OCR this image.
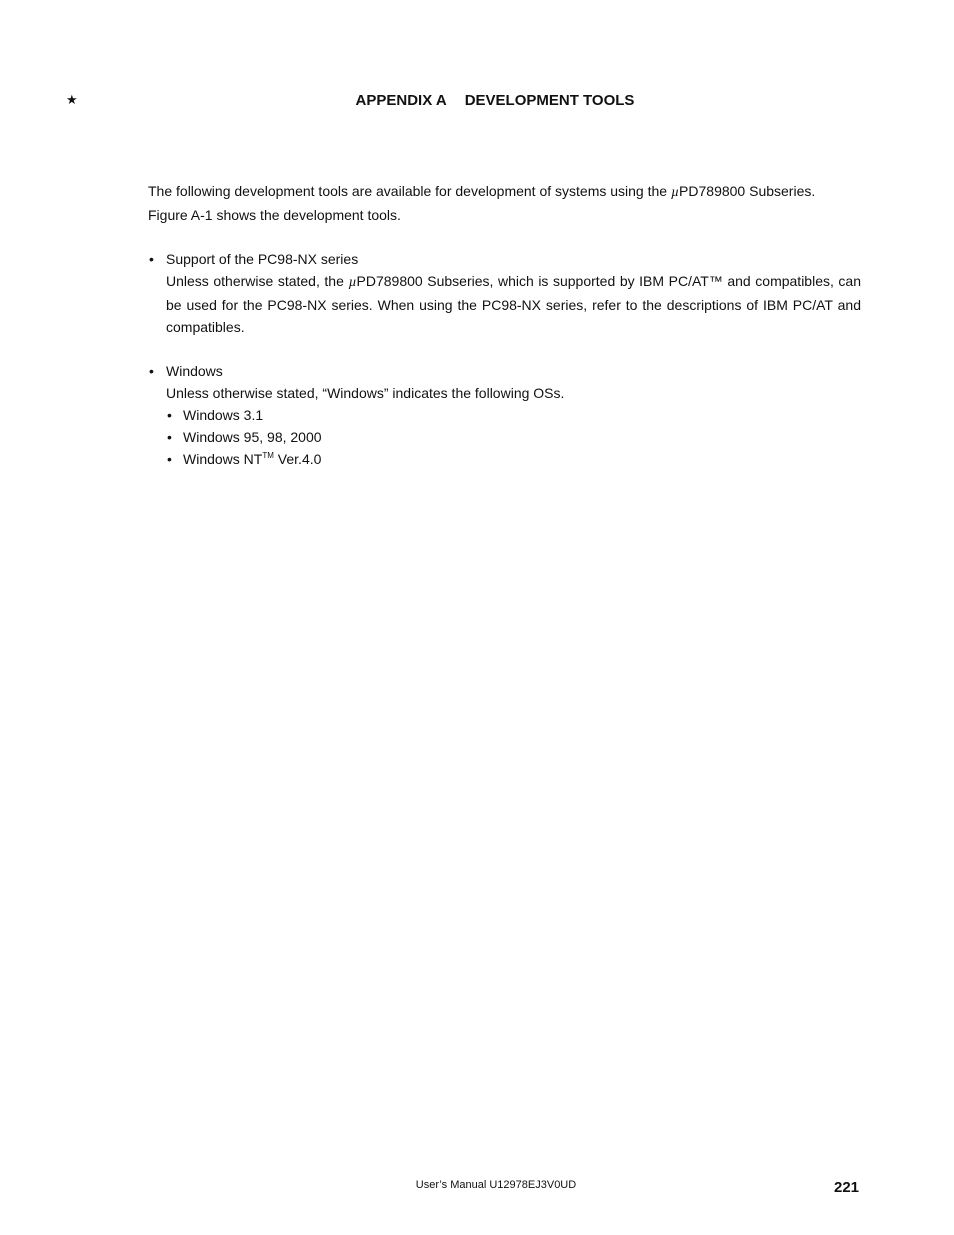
★	APPENDIX A DEVELOPMENT TOOLS

The following development tools are available for development of systems using the µPD789800 Subseries.
Figure A-1 shows the development tools.

• Support of the PC98-NX series
Unless otherwise stated, the µPD789800 Subseries, which is supported by IBM PC/AT™ and compatibles, can be used for the PC98-NX series. When using the PC98-NX series, refer to the descriptions of IBM PC/AT and compatibles.
• Windows
Unless otherwise stated, “Windows” indicates the following OSs.
• Windows 3.1
• Windows 95, 98, 2000
• Windows NT™ Ver.4.0
User’s Manual U12978EJ3V0UD	221
